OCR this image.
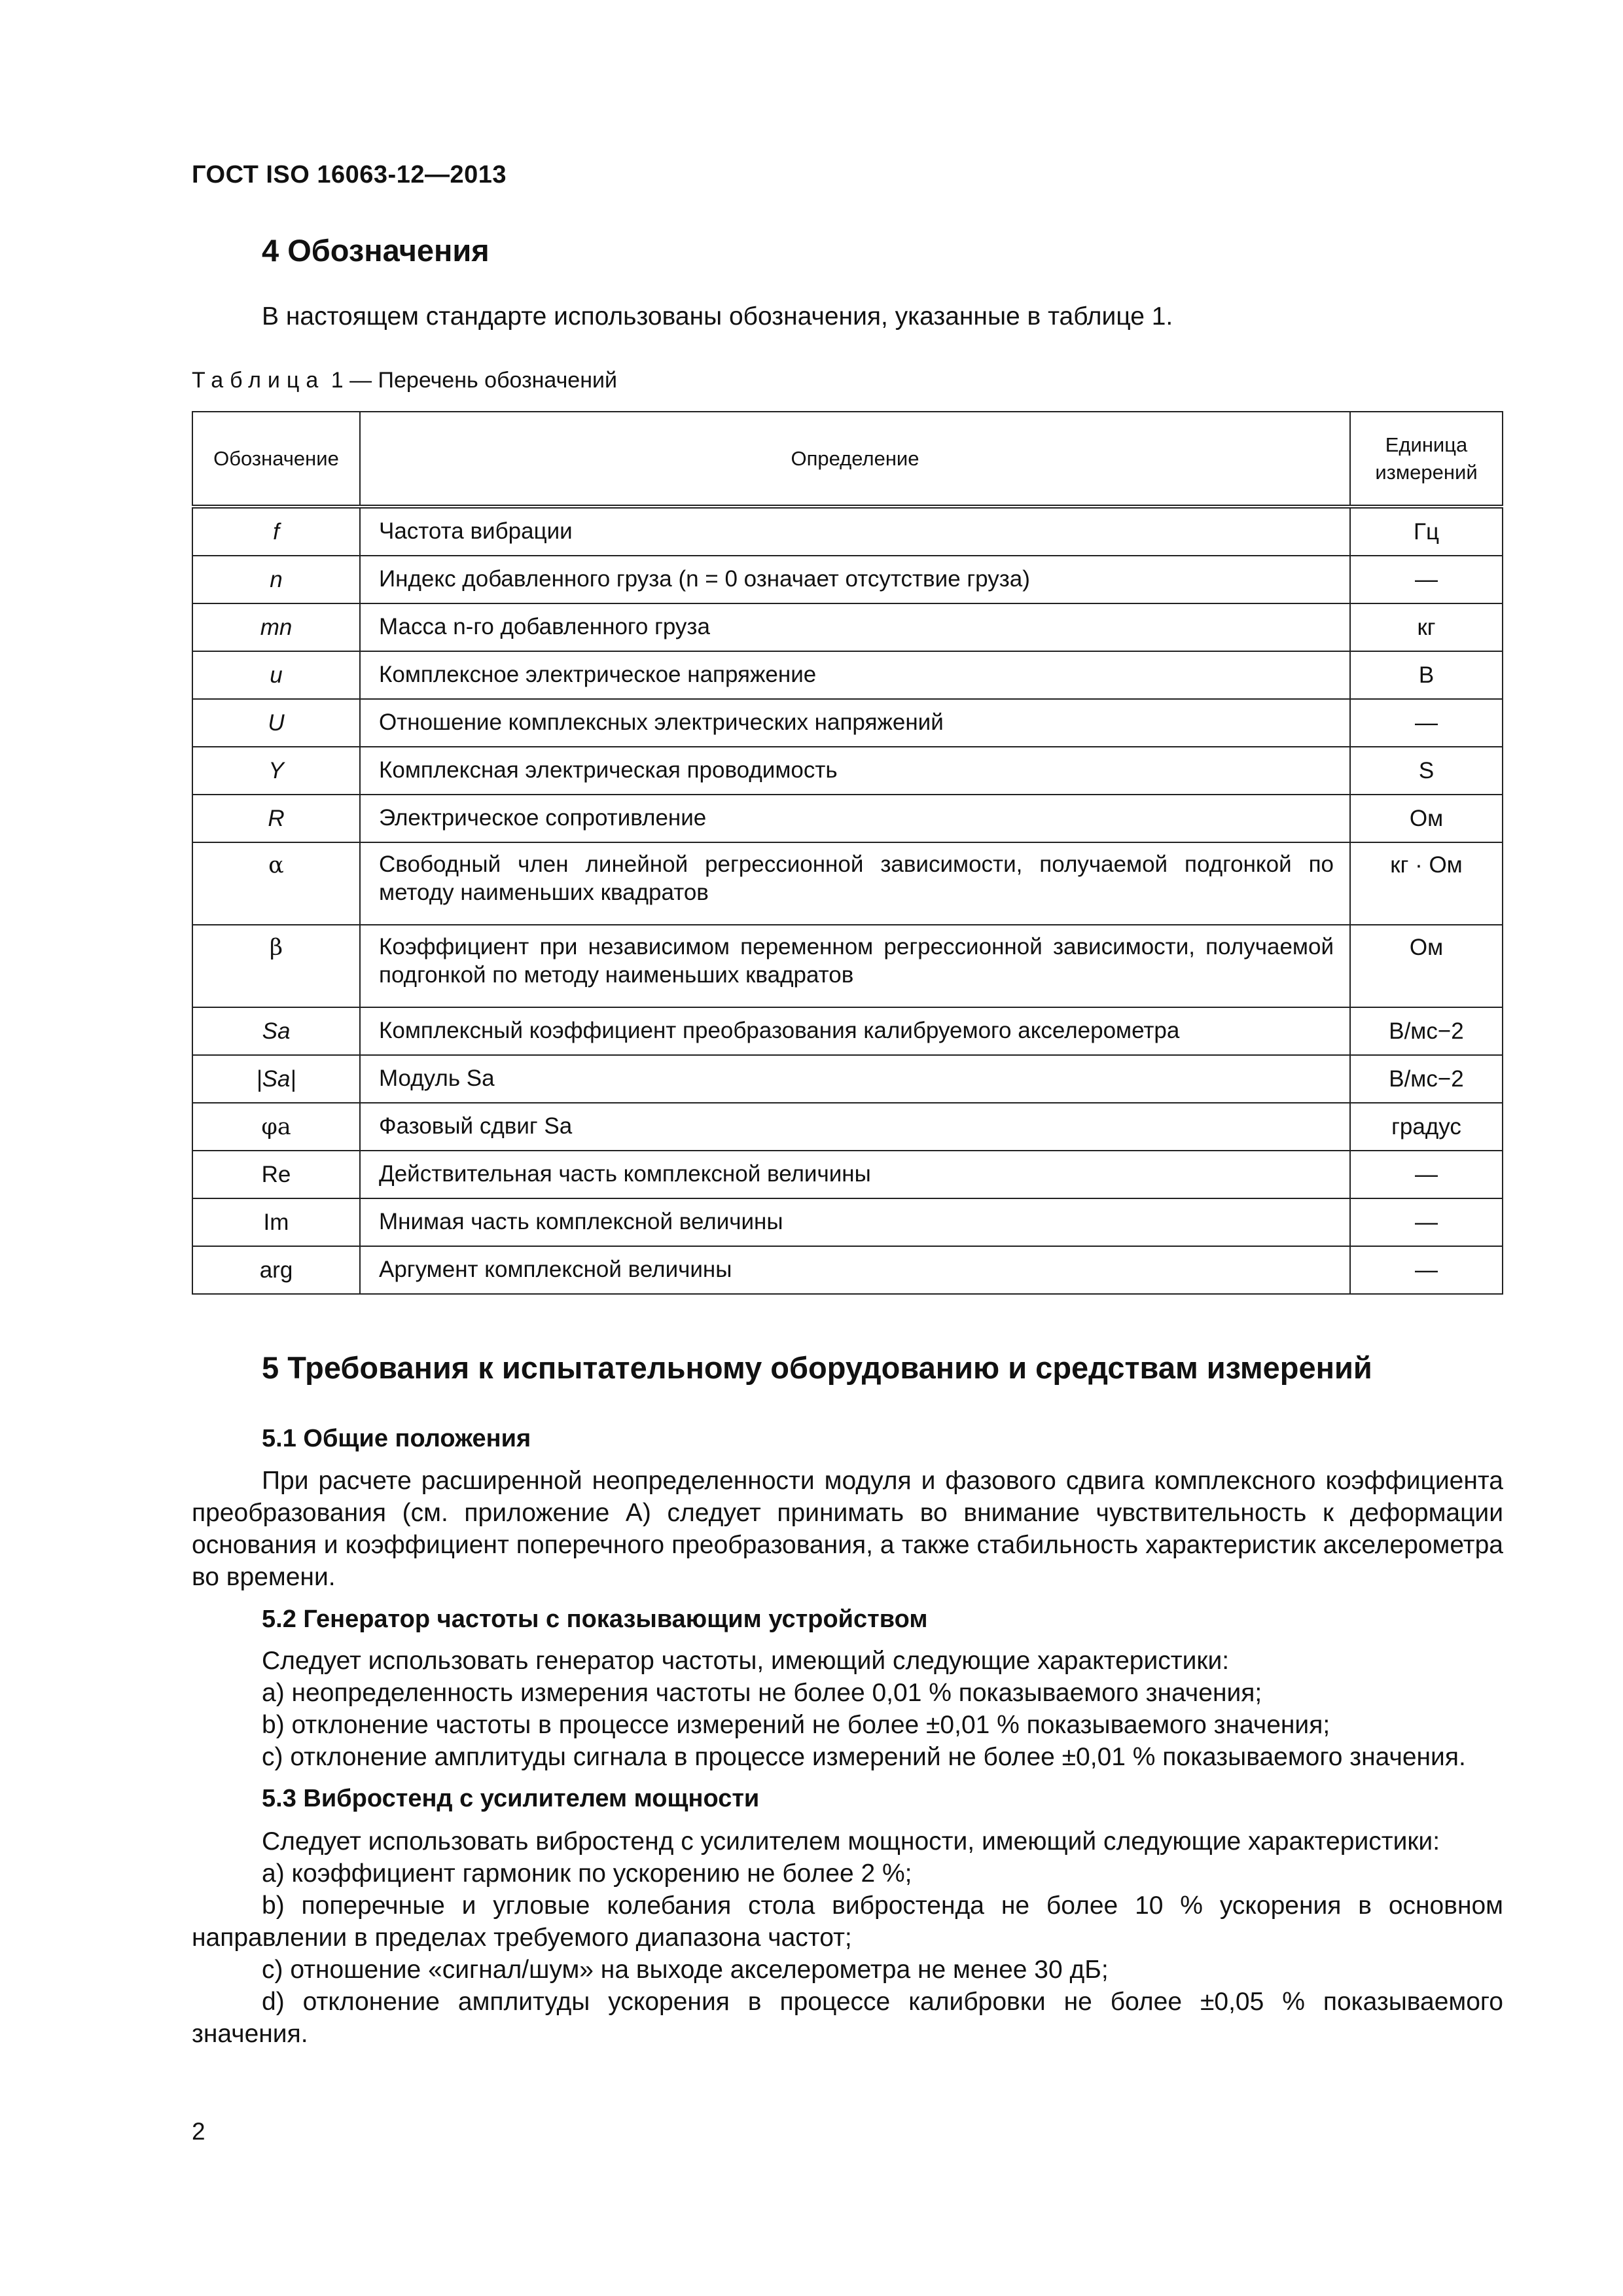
ГОСТ ISO 16063-12—2013
4 Обозначения
В настоящем стандарте использованы обозначения, указанные в таблице 1.
Таблица 1 — Перечень обозначений
Обозначение	Определение	Единица измерений
f	Частота вибрации	Гц
n	Индекс добавленного груза (n = 0 означает отсутствие груза)	—
mn	Масса n-го добавленного груза	кг
u	Комплексное электрическое напряжение	В
U	Отношение комплексных электрических напряжений	—
Y	Комплексная электрическая проводимость	S
R	Электрическое сопротивление	Ом
α	Свободный член линейной регрессионной зависимости, получаемой подгонкой по методу наименьших квадратов	кг · Ом
β	Коэффициент при независимом переменном регрессионной зависимости, получаемой подгонкой по методу наименьших квадратов	Ом
Sa	Комплексный коэффициент преобразования калибруемого акселерометра	В/мс−2
|Sa|	Модуль Sa	В/мс−2
φa	Фазовый сдвиг Sa	градус
Re	Действительная часть комплексной величины	—
Im	Мнимая часть комплексной величины	—
arg	Аргумент комплексной величины	—
5 Требования к испытательному оборудованию и средствам измерений
5.1 Общие положения

При расчете расширенной неопределенности модуля и фазового сдвига комплексного коэффициента преобразования (см. приложение А) следует принимать во внимание чувствительность к деформации основания и коэффициент поперечного преобразования, а также стабильность характеристик акселерометра во времени.

5.2 Генератор частоты с показывающим устройством
Следует использовать генератор частоты, имеющий следующие характеристики:
a) неопределенность измерения частоты не более 0,01 % показываемого значения;
b) отклонение частоты в процессе измерений не более ±0,01 % показываемого значения;
c) отклонение амплитуды сигнала в процессе измерений не более ±0,01 % показываемого значения.
5.3 Вибростенд с усилителем мощности
Следует использовать вибростенд с усилителем мощности, имеющий следующие характеристики:
a) коэффициент гармоник по ускорению не более 2 %;
b) поперечные и угловые колебания стола вибростенда не более 10 % ускорения в основном направлении в пределах требуемого диапазона частот;
c) отношение «сигнал/шум» на выходе акселерометра не менее 30 дБ;
d) отклонение амплитуды ускорения в процессе калибровки не более ±0,05 % показываемого значения.
2
